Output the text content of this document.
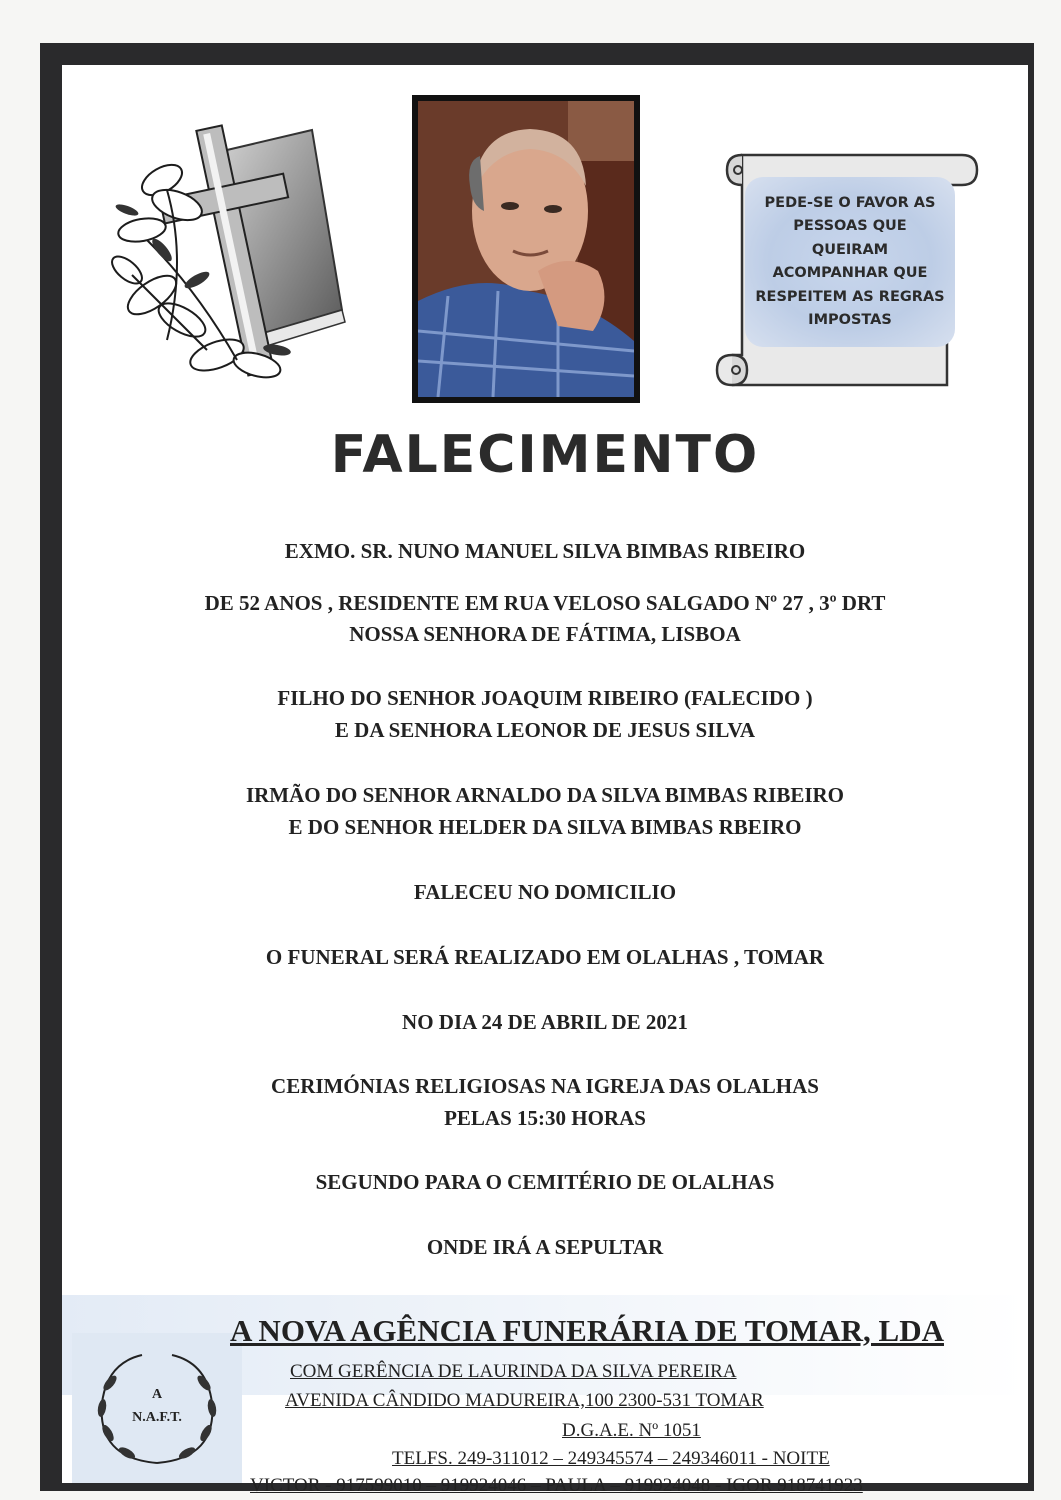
PEDE-SE O FAVOR AS PESSOAS QUE QUEIRAM ACOMPANHAR QUE RESPEITEM AS REGRAS IMPOSTAS
FALECIMENTO
EXMO. SR. NUNO MANUEL SILVA BIMBAS RIBEIRO
DE 52 ANOS , RESIDENTE EM RUA VELOSO SALGADO Nº 27 , 3º DRT
NOSSA SENHORA DE FÁTIMA, LISBOA
FILHO DO SENHOR JOAQUIM RIBEIRO (FALECIDO )
E DA SENHORA LEONOR DE JESUS SILVA
IRMÃO DO SENHOR ARNALDO DA SILVA BIMBAS RIBEIRO
E DO SENHOR HELDER DA SILVA BIMBAS RBEIRO
FALECEU NO DOMICILIO
O FUNERAL SERÁ REALIZADO EM OLALHAS , TOMAR
NO DIA 24 DE ABRIL DE 2021
CERIMÓNIAS RELIGIOSAS NA IGREJA DAS OLALHAS
PELAS 15:30 HORAS
SEGUNDO PARA O CEMITÉRIO DE OLALHAS
ONDE IRÁ A SEPULTAR
A
N.A.F.T.
A NOVA AGÊNCIA FUNERÁRIA DE TOMAR, LDA
COM GERÊNCIA DE LAURINDA DA SILVA PEREIRA
AVENIDA CÂNDIDO MADUREIRA,100 2300-531 TOMAR
D.G.A.E. Nº 1051
TELFS. 249-311012 – 249345574 – 249346011 - NOITE
VICTOR - 917599010 – 919924046 – PAULA – 919924048 - IGOR 918741923
